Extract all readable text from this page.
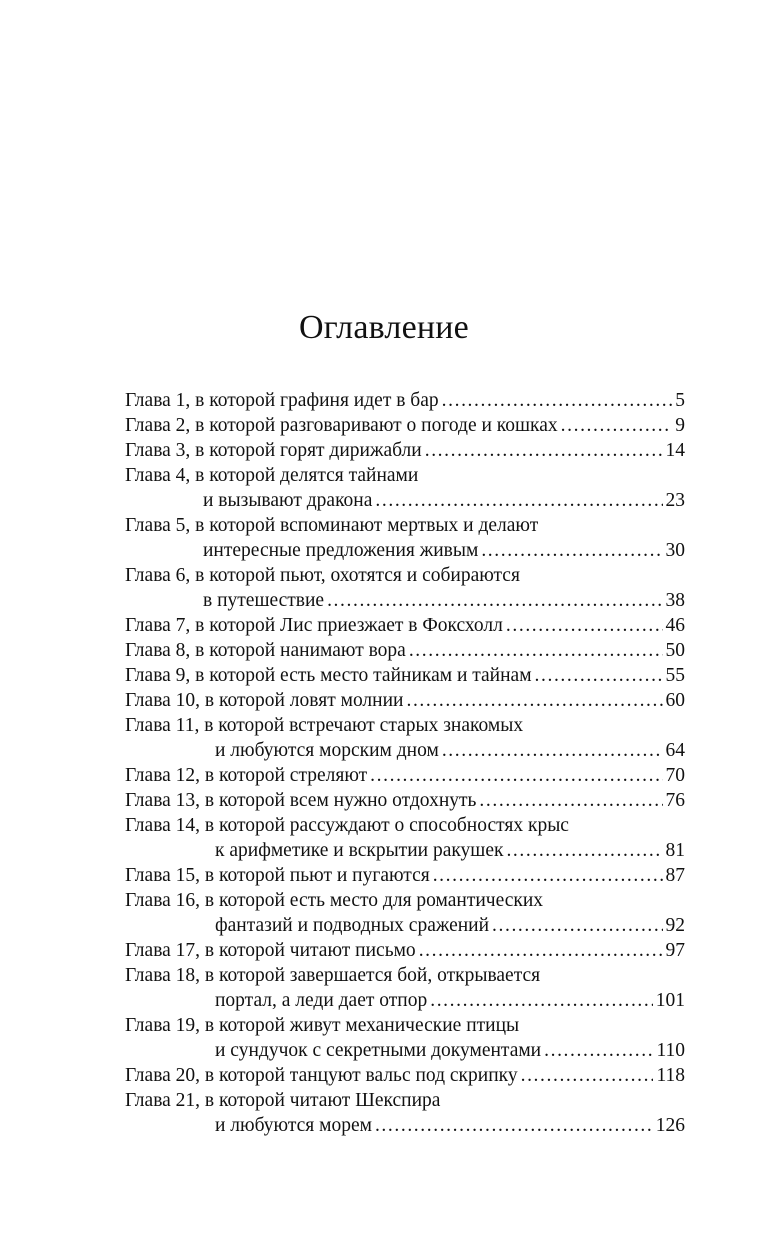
Оглавление
Глава 1, в которой графиня идет в бар .....	5
Глава 2, в которой разговаривают о погоде и кошках .....	9
Глава 3, в которой горят дирижабли .....	14
Глава 4, в которой делятся тайнами
и вызывают дракона .....	23
Глава 5, в которой вспоминают мертвых и делают
интересные предложения живым .....	30
Глава 6, в которой пьют, охотятся и собираются
в путешествие .....	38
Глава 7, в которой Лис приезжает в Фоксхолл .....	46
Глава 8, в которой нанимают вора .....	50
Глава 9, в которой есть место тайникам и тайнам .....	55
Глава 10, в которой ловят молнии .....	60
Глава 11, в которой встречают старых знакомых
и любуются морским дном .....	64
Глава 12, в которой стреляют .....	70
Глава 13, в которой всем нужно отдохнуть .....	76
Глава 14, в которой рассуждают о способностях крыс
к арифметике и вскрытии ракушек .....	81
Глава 15, в которой пьют и пугаются .....	87
Глава 16, в которой есть место для романтических
фантазий и подводных сражений .....	92
Глава 17, в которой читают письмо .....	97
Глава 18, в которой завершается бой, открывается
портал, а леди дает отпор .....	101
Глава 19, в которой живут механические птицы
и сундучок с секретными документами .....	110
Глава 20, в которой танцуют вальс под скрипку .....	118
Глава 21, в которой читают Шекспира
и любуются морем .....	126
